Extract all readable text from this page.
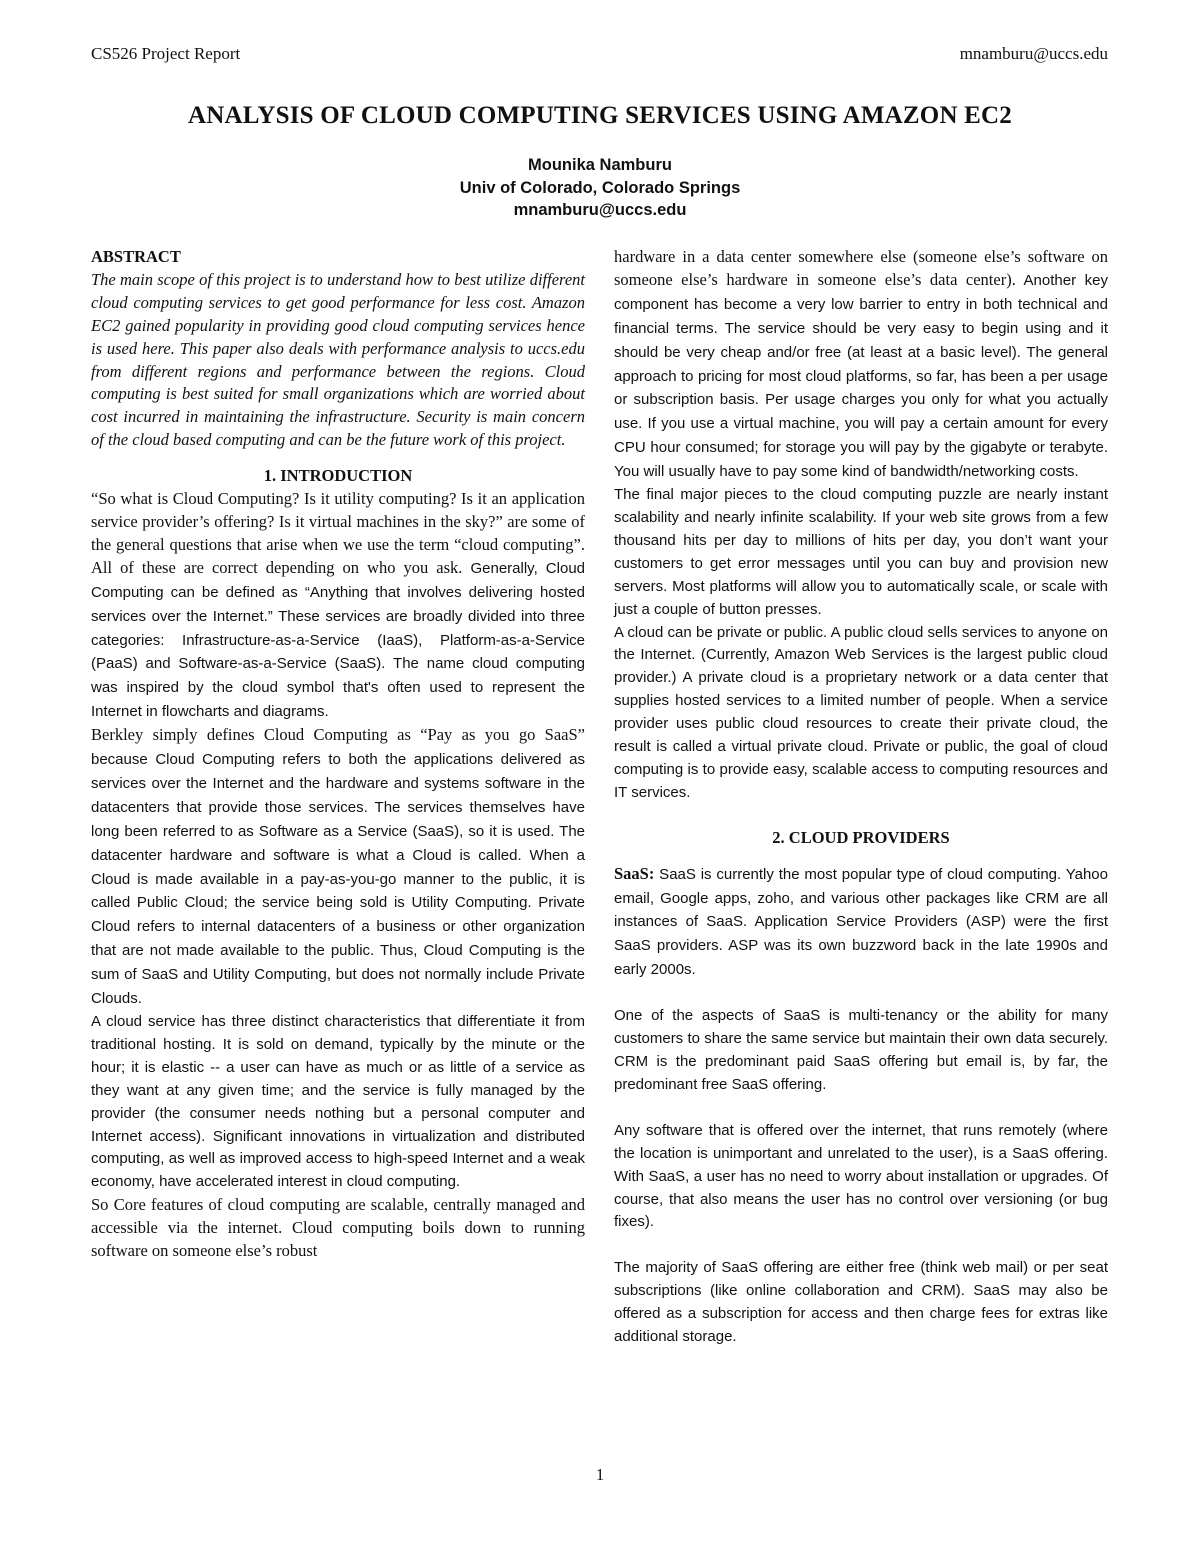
CS526 Project Report	mnamburu@uccs.edu
ANALYSIS OF CLOUD COMPUTING SERVICES USING AMAZON EC2
Mounika Namburu
Univ of Colorado, Colorado Springs
mnamburu@uccs.edu
ABSTRACT

The main scope of this project is to understand how to best utilize different cloud computing services to get good performance for less cost. Amazon EC2 gained popularity in providing good cloud computing services hence is used here. This paper also deals with performance analysis to uccs.edu from different regions and performance between the regions. Cloud computing is best suited for small organizations which are worried about cost incurred in maintaining the infrastructure. Security is main concern of the cloud based computing and can be the future work of this project.

1. INTRODUCTION

“So what is Cloud Computing? Is it utility computing? Is it an application service provider’s offering? Is it virtual machines in the sky?” are some of the general questions that arise when we use the term “cloud computing”. All of these are correct depending on who you ask. Generally, Cloud Computing can be defined as “Anything that involves delivering hosted services over the Internet.” These services are broadly divided into three categories: Infrastructure-as-a-Service (IaaS), Platform-as-a-Service (PaaS) and Software-as-a-Service (SaaS). The name cloud computing was inspired by the cloud symbol that's often used to represent the Internet in flowcharts and diagrams.

Berkley simply defines Cloud Computing as “Pay as you go SaaS” because Cloud Computing refers to both the applications delivered as services over the Internet and the hardware and systems software in the datacenters that provide those services. The services themselves have long been referred to as Software as a Service (SaaS), so it is used. The datacenter hardware and software is what a Cloud is called. When a Cloud is made available in a pay-as-you-go manner to the public, it is called Public Cloud; the service being sold is Utility Computing. Private Cloud refers to internal datacenters of a business or other organization that are not made available to the public. Thus, Cloud Computing is the sum of SaaS and Utility Computing, but does not normally include Private Clouds.

A cloud service has three distinct characteristics that differentiate it from traditional hosting. It is sold on demand, typically by the minute or the hour; it is elastic -- a user can have as much or as little of a service as they want at any given time; and the service is fully managed by the provider (the consumer needs nothing but a personal computer and Internet access). Significant innovations in virtualization and distributed computing, as well as improved access to high-speed Internet and a weak economy, have accelerated interest in cloud computing.

So Core features of cloud computing are scalable, centrally managed and accessible via the internet. Cloud computing boils down to running software on someone else’s robust

hardware in a data center somewhere else (someone else’s software on someone else’s hardware in someone else’s data center). Another key component has become a very low barrier to entry in both technical and financial terms. The service should be very easy to begin using and it should be very cheap and/or free (at least at a basic level). The general approach to pricing for most cloud platforms, so far, has been a per usage or subscription basis. Per usage charges you only for what you actually use. If you use a virtual machine, you will pay a certain amount for every CPU hour consumed; for storage you will pay by the gigabyte or terabyte. You will usually have to pay some kind of bandwidth/networking costs.

The final major pieces to the cloud computing puzzle are nearly instant scalability and nearly infinite scalability. If your web site grows from a few thousand hits per day to millions of hits per day, you don’t want your customers to get error messages until you can buy and provision new servers. Most platforms will allow you to automatically scale, or scale with just a couple of button presses.

A cloud can be private or public. A public cloud sells services to anyone on the Internet. (Currently, Amazon Web Services is the largest public cloud provider.) A private cloud is a proprietary network or a data center that supplies hosted services to a limited number of people. When a service provider uses public cloud resources to create their private cloud, the result is called a virtual private cloud. Private or public, the goal of cloud computing is to provide easy, scalable access to computing resources and IT services.

2. CLOUD PROVIDERS

SaaS: SaaS is currently the most popular type of cloud computing. Yahoo email, Google apps, zoho, and various other packages like CRM are all instances of SaaS. Application Service Providers (ASP) were the first SaaS providers. ASP was its own buzzword back in the late 1990s and early 2000s.

One of the aspects of SaaS is multi-tenancy or the ability for many customers to share the same service but maintain their own data securely. CRM is the predominant paid SaaS offering but email is, by far, the predominant free SaaS offering.

Any software that is offered over the internet, that runs remotely (where the location is unimportant and unrelated to the user), is a SaaS offering. With SaaS, a user has no need to worry about installation or upgrades. Of course, that also means the user has no control over versioning (or bug fixes).

The majority of SaaS offering are either free (think web mail) or per seat subscriptions (like online collaboration and CRM). SaaS may also be offered as a subscription for access and then charge fees for extras like additional storage.

1
